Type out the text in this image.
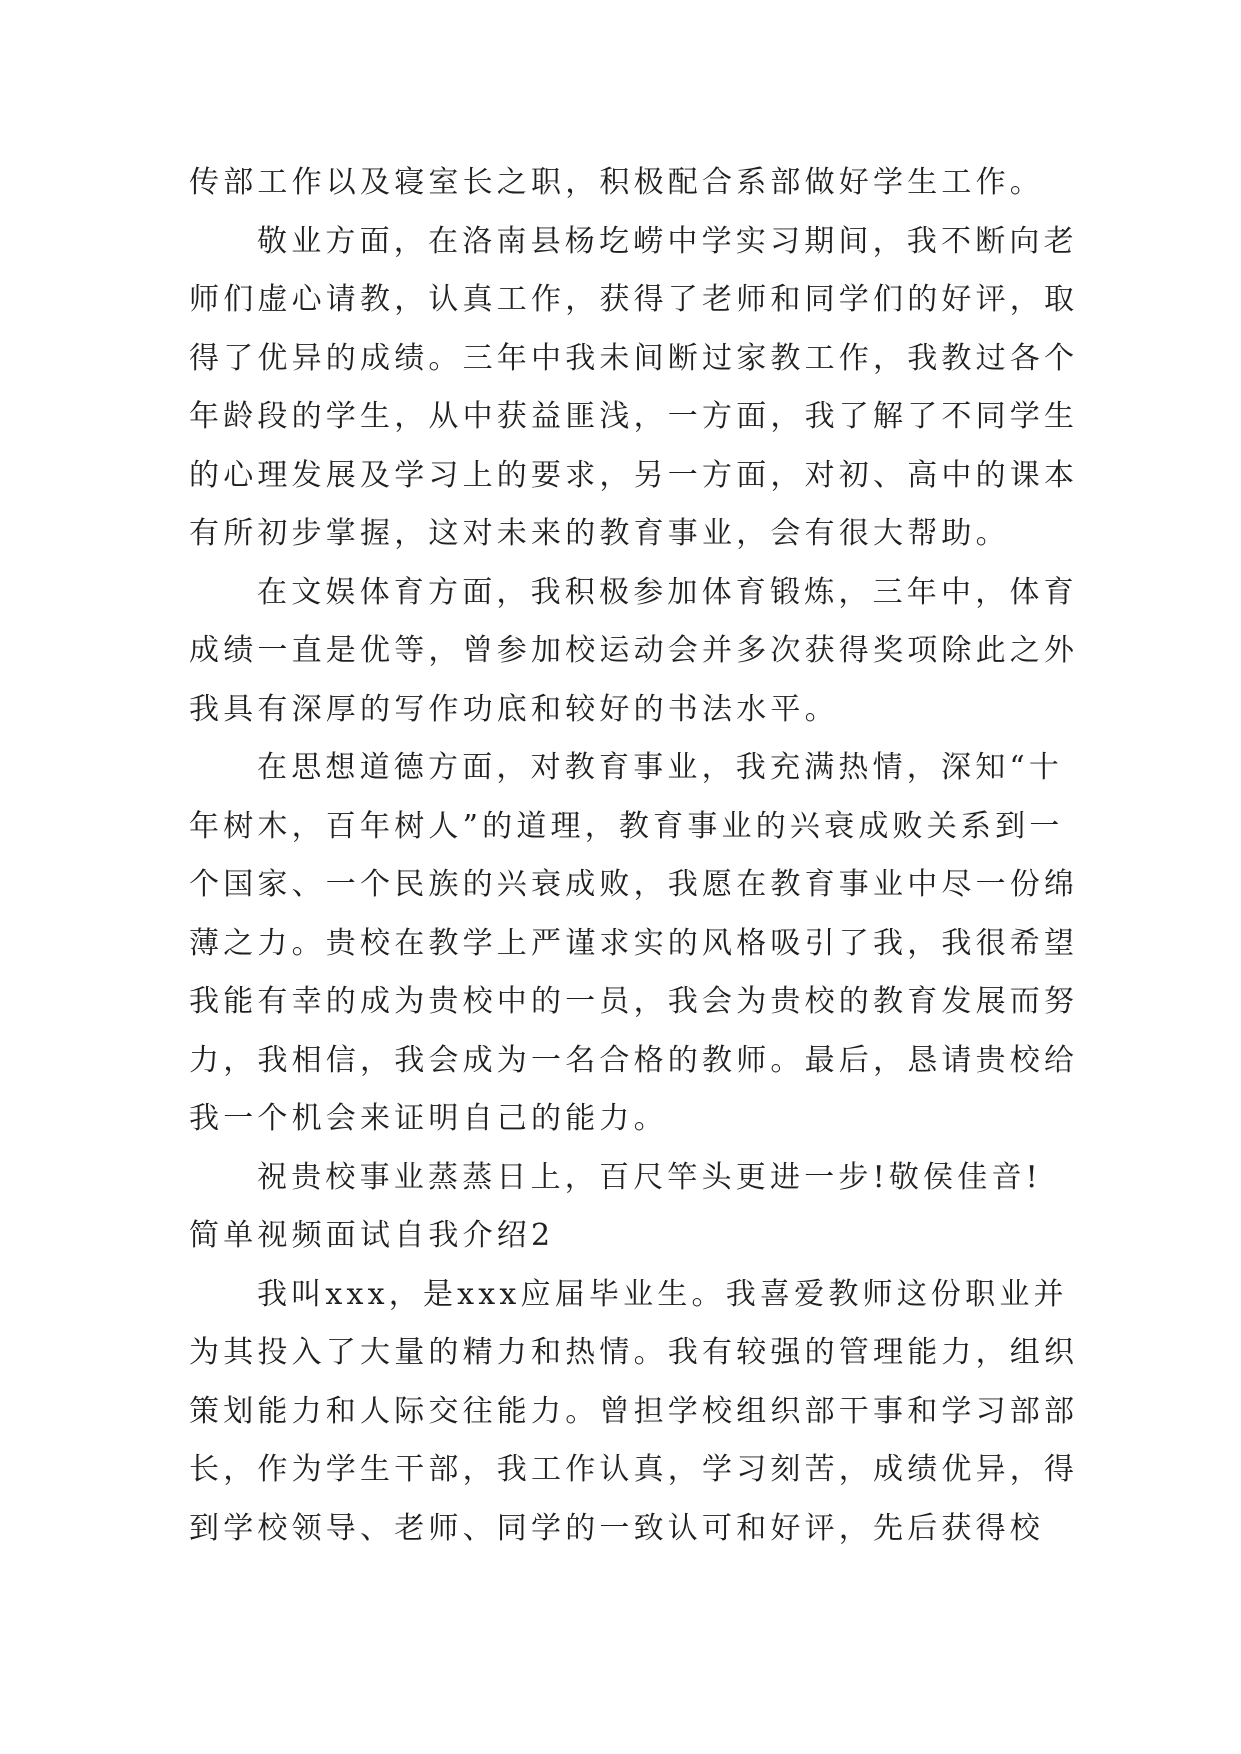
传部工作以及寝室长之职，积极配合系部做好学生工作。
敬业方面，在洛南县杨圪崂中学实习期间，我不断向老
师们虚心请教，认真工作，获得了老师和同学们的好评，取
得了优异的成绩。三年中我未间断过家教工作，我教过各个
年龄段的学生，从中获益匪浅，一方面，我了解了不同学生
的心理发展及学习上的要求，另一方面，对初、高中的课本
有所初步掌握，这对未来的教育事业，会有很大帮助。
在文娱体育方面，我积极参加体育锻炼，三年中，体育
成绩一直是优等，曾参加校运动会并多次获得奖项除此之外
我具有深厚的写作功底和较好的书法水平。
在思想道德方面，对教育事业，我充满热情，深知“十
年树木，百年树人”的道理，教育事业的兴衰成败关系到一
个国家、一个民族的兴衰成败，我愿在教育事业中尽一份绵
薄之力。贵校在教学上严谨求实的风格吸引了我，我很希望
我能有幸的成为贵校中的一员，我会为贵校的教育发展而努
力，我相信，我会成为一名合格的教师。最后，恳请贵校给
我一个机会来证明自己的能力。
祝贵校事业蒸蒸日上，百尺竿头更进一步!敬侯佳音!
简单视频面试自我介绍2
我叫xxx，是xxx应届毕业生。我喜爱教师这份职业并
为其投入了大量的精力和热情。我有较强的管理能力，组织
策划能力和人际交往能力。曾担学校组织部干事和学习部部
长，作为学生干部，我工作认真，学习刻苦，成绩优异，得
到学校领导、老师、同学的一致认可和好评，先后获得校
